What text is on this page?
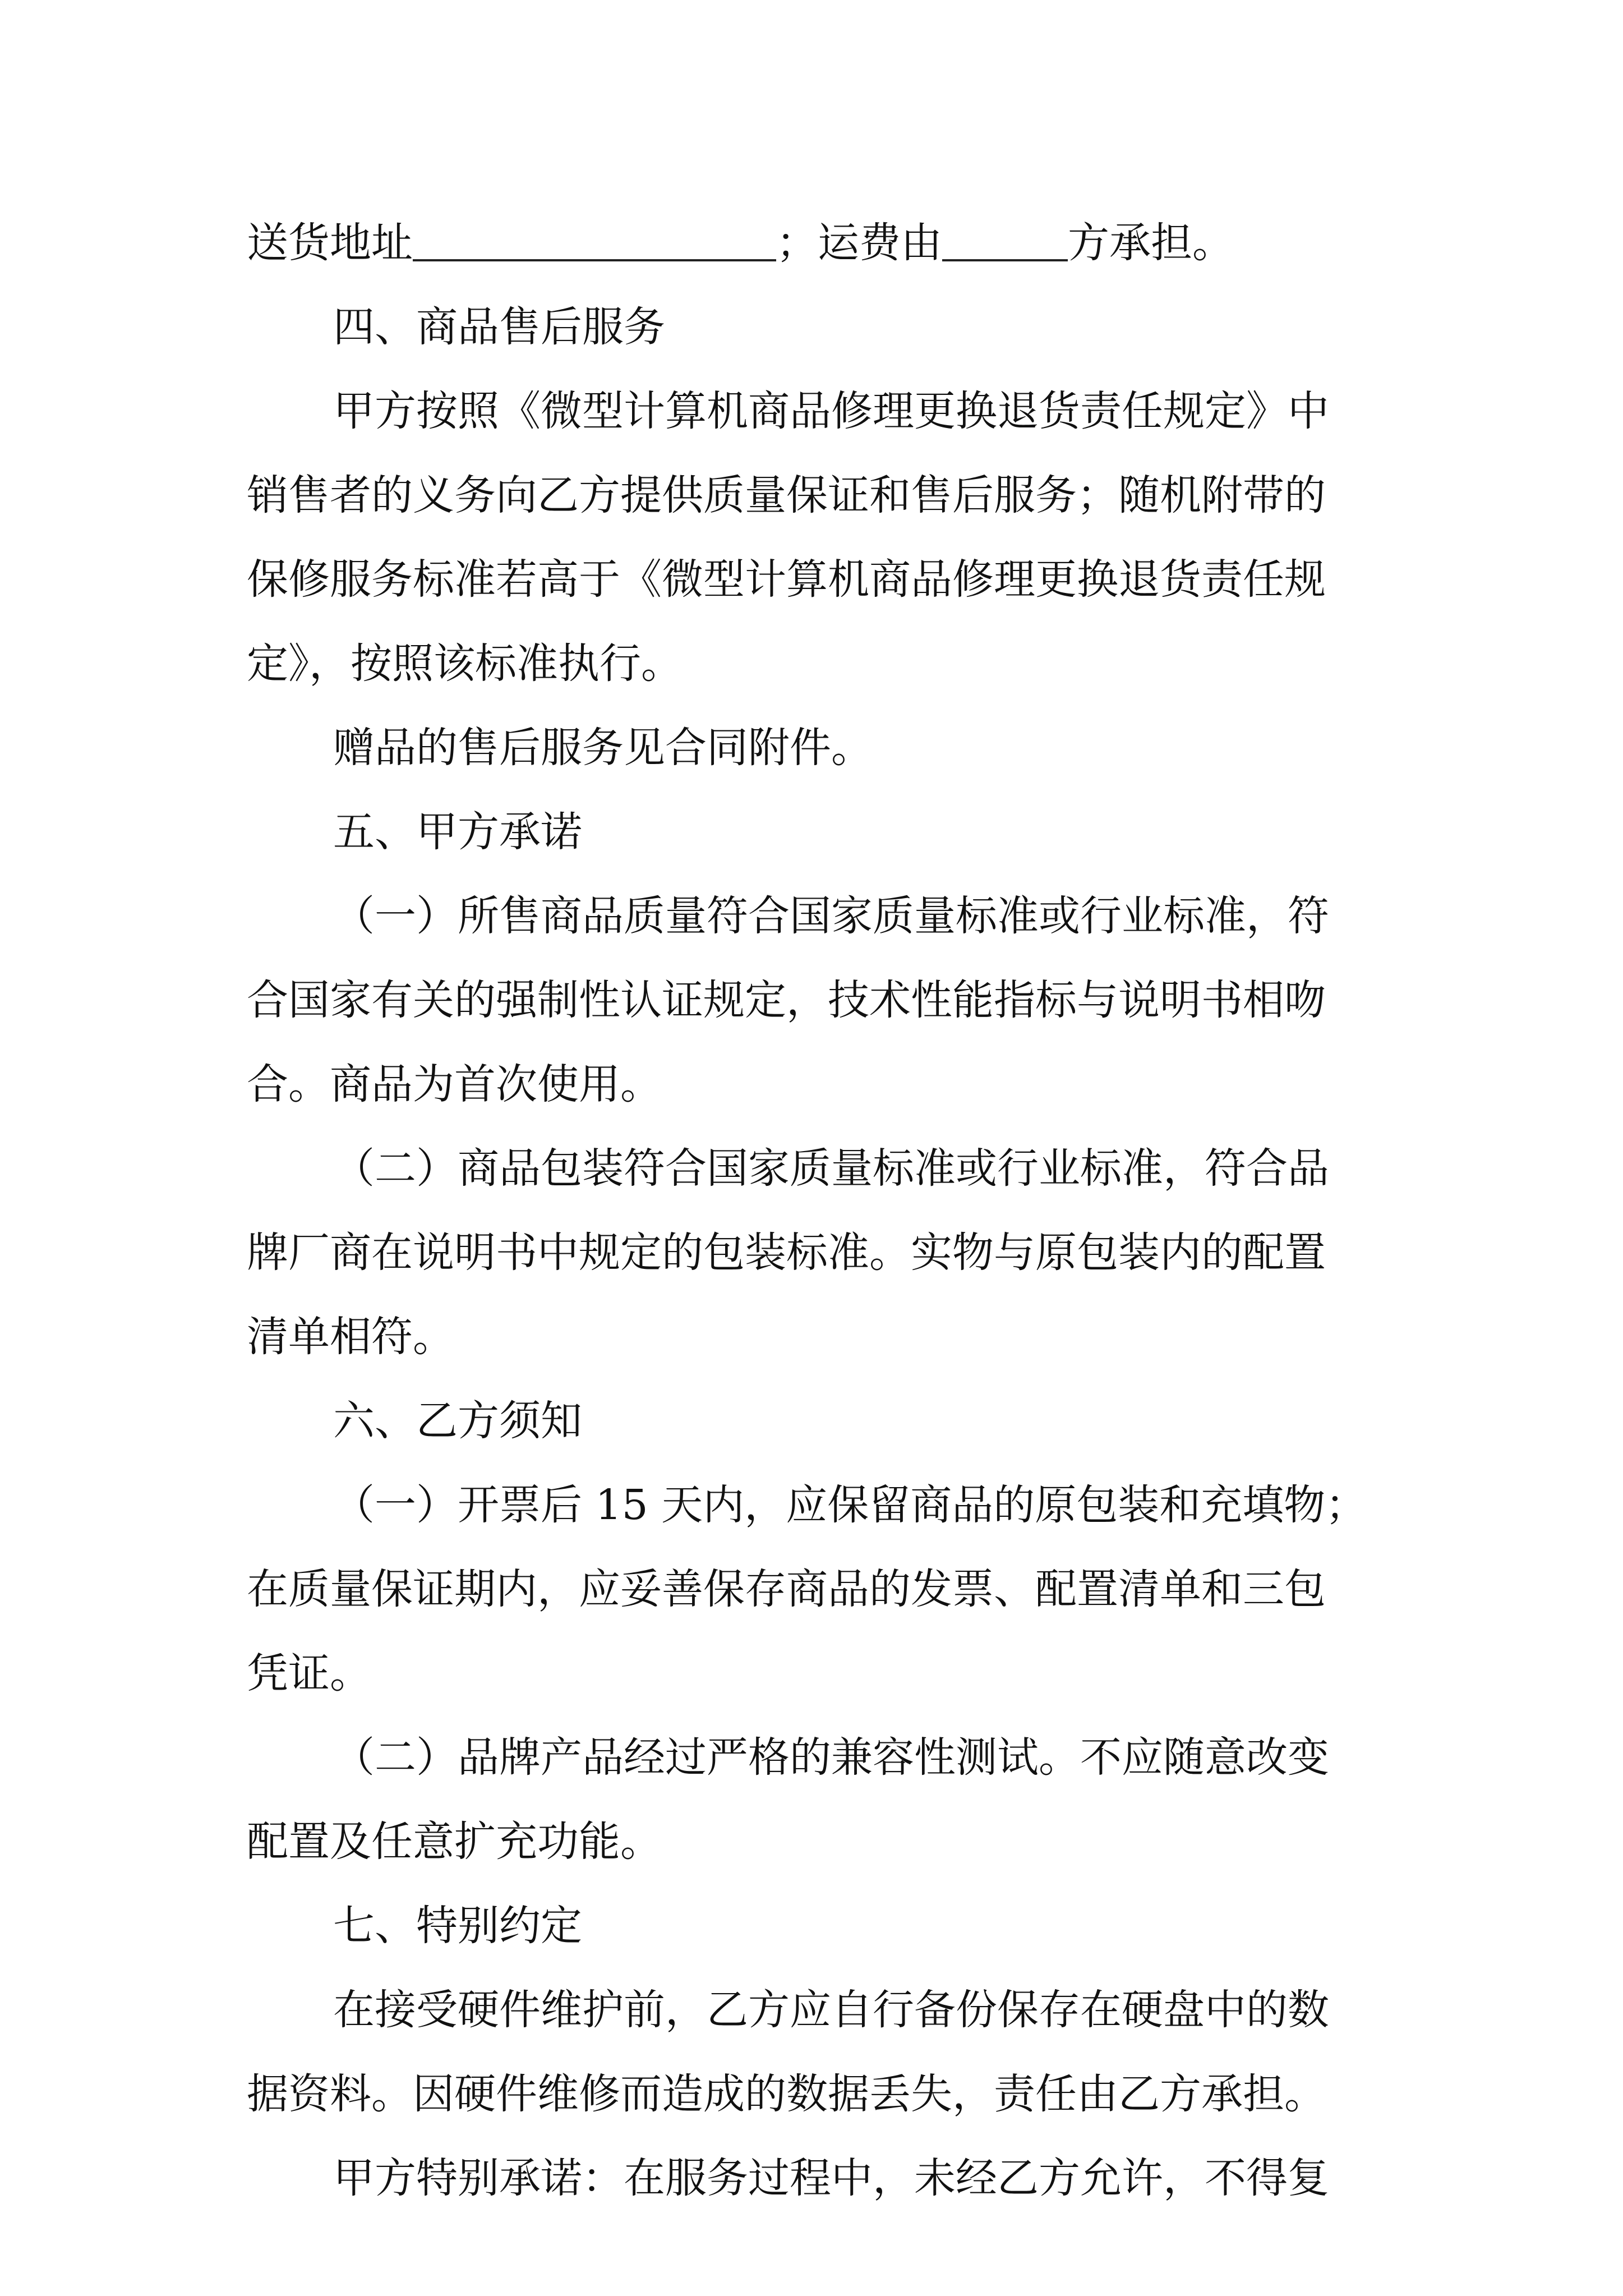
送货地址	；运费由	方承担。
四、商品售后服务
甲方按照《微型计算机商品修理更换退货责任规定》中
销售者的义务向乙方提供质量保证和售后服务；随机附带的
保修服务标准若高于《微型计算机商品修理更换退货责任规
定》，按照该标准执行。
赠品的售后服务见合同附件。
五、甲方承诺
（一）所售商品质量符合国家质量标准或行业标准，符
合国家有关的强制性认证规定，技术性能指标与说明书相吻
合。商品为首次使用。
（二）商品包装符合国家质量标准或行业标准，符合品
牌厂商在说明书中规定的包装标准。实物与原包装内的配置
清单相符。
六、乙方须知
（一）开票后 15 天内，应保留商品的原包装和充填物；
在质量保证期内，应妥善保存商品的发票、配置清单和三包
凭证。
（二）品牌产品经过严格的兼容性测试。不应随意改变
配置及任意扩充功能。
七、特别约定
在接受硬件维护前，乙方应自行备份保存在硬盘中的数
据资料。因硬件维修而造成的数据丢失，责任由乙方承担。
甲方特别承诺：在服务过程中，未经乙方允许，不得复
